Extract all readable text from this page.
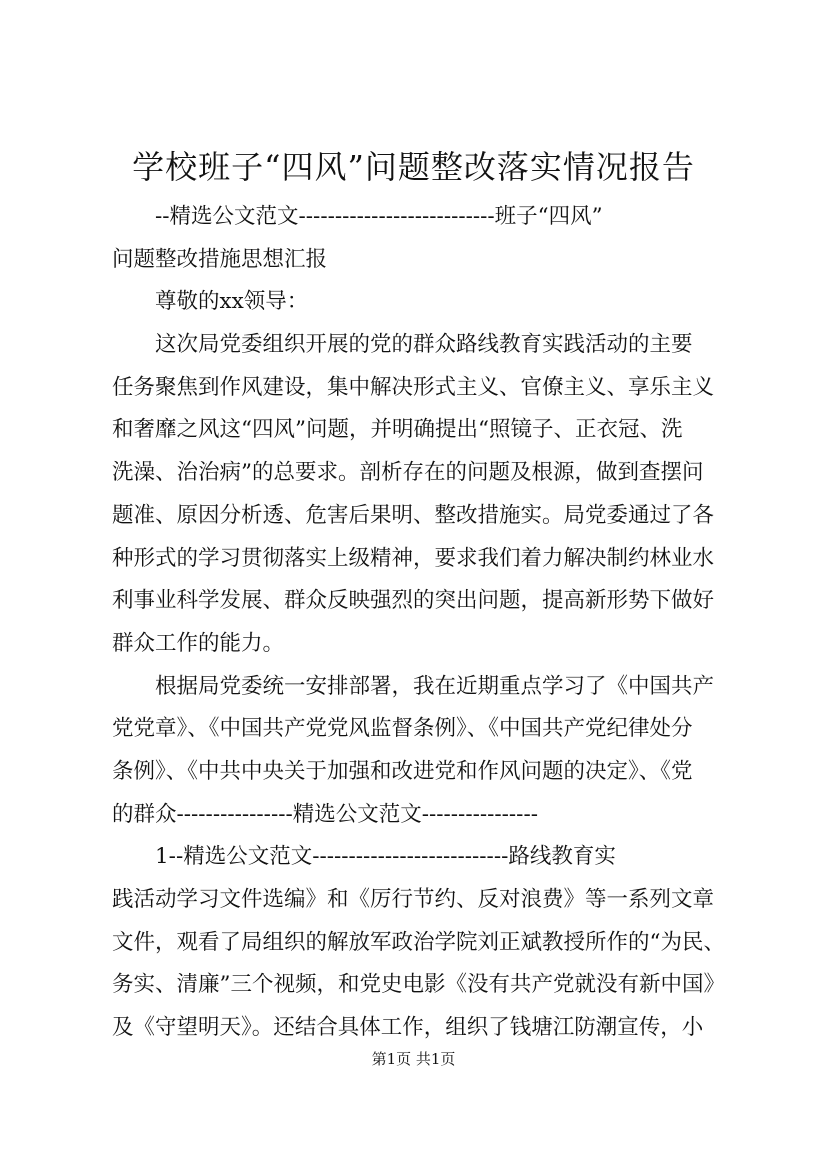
学校班子“四风”问题整改落实情况报告
--精选公文范文---------------------------班子“四风”
问题整改措施思想汇报
尊敬的xx领导：
这次局党委组织开展的党的群众路线教育实践活动的主要
任务聚焦到作风建设，集中解决形式主义、官僚主义、享乐主义
和奢靡之风这“四风”问题，并明确提出“照镜子、正衣冠、洗
洗澡、治治病”的总要求。剖析存在的问题及根源，做到查摆问
题准、原因分析透、危害后果明、整改措施实。局党委通过了各
种形式的学习贯彻落实上级精神，要求我们着力解决制约林业水
利事业科学发展、群众反映强烈的突出问题，提高新形势下做好
群众工作的能力。
根据局党委统一安排部署，我在近期重点学习了《中国共产
党党章》、《中国共产党党风监督条例》、《中国共产党纪律处分
条例》、《中共中央关于加强和改进党和作风问题的决定》、《党
的群众----------------精选公文范文----------------
1--精选公文范文---------------------------路线教育实
践活动学习文件选编》和《厉行节约、反对浪费》等一系列文章
文件，观看了局组织的解放军政治学院刘正斌教授所作的“为民、
务实、清廉”三个视频，和党史电影《没有共产党就没有新中国》
及《守望明天》。还结合具体工作，组织了钱塘江防潮宣传，小
第1页 共1页
